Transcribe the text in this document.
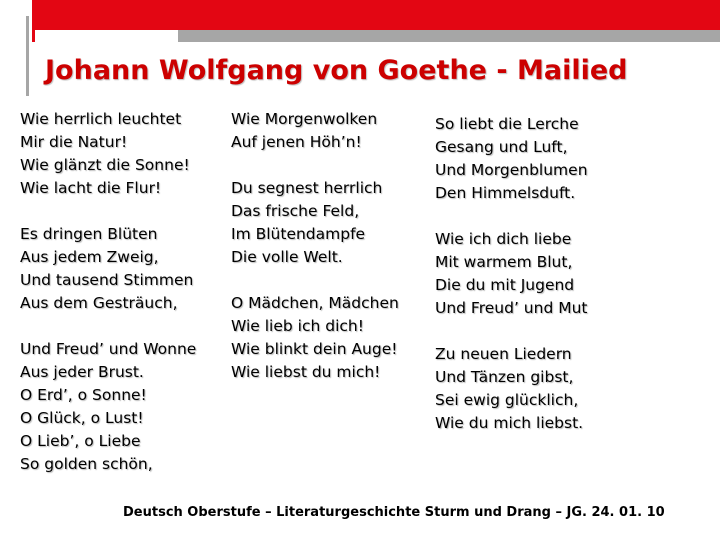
Johann Wolfgang von Goethe - Mailied
Wie herrlich leuchtet
Mir die Natur!
Wie glänzt die Sonne!
Wie lacht die Flur!
Es dringen Blüten
Aus jedem Zweig,
Und tausend Stimmen
Aus dem Gesträuch,
Und Freud’ und Wonne
Aus jeder Brust.
O Erd’, o Sonne!
O Glück, o Lust!
O Lieb’, o Liebe
So golden schön,
Wie Morgenwolken
Auf jenen Höh’n!
Du segnest herrlich
Das frische Feld,
Im Blütendampfe
Die volle Welt.
O Mädchen, Mädchen
Wie lieb ich dich!
Wie blinkt dein Auge!
Wie liebst du mich!
So liebt die Lerche
Gesang und Luft,
Und Morgenblumen
Den Himmelsduft.
Wie ich dich liebe
Mit warmem Blut,
Die du mit Jugend
Und Freud’ und Mut
Zu neuen Liedern
Und Tänzen gibst,
Sei ewig glücklich,
Wie du mich liebst.
Deutsch Oberstufe – Literaturgeschichte Sturm und Drang – JG. 24. 01. 10
